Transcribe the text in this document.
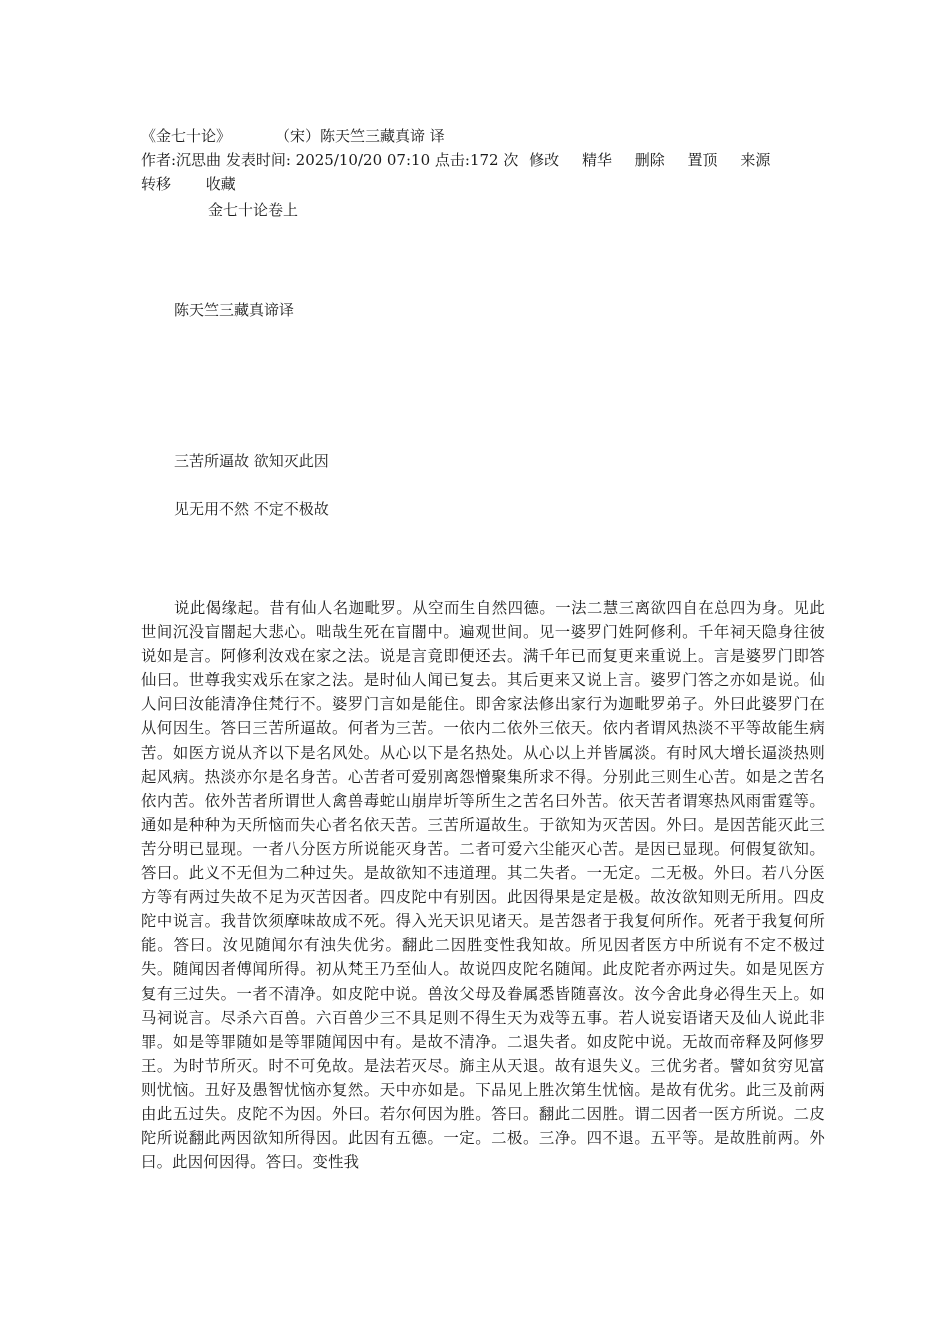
《金七十论》	（宋）陈天竺三藏真谛 译
作者:沉思曲 发表时间: 2025/10/20 07:10 点击:172 次 修改 精华 删除 置顶 来源
转移 收藏
金七十论卷上
陈天竺三藏真谛译
三苦所逼故 欲知灭此因
见无用不然 不定不极故

说此偈缘起。昔有仙人名迦毗罗。从空而生自然四德。一法二慧三离欲四自在总四为身。见此世间沉没盲闇起大悲心。咄哉生死在盲闇中。遍观世间。见一婆罗门姓阿修利。千年祠天隐身往彼说如是言。阿修利汝戏在家之法。说是言竟即便还去。满千年已而复更来重说上。言是婆罗门即答仙曰。世尊我实戏乐在家之法。是时仙人闻已复去。其后更来又说上言。婆罗门答之亦如是说。仙人问曰汝能清净住梵行不。婆罗门言如是能住。即舍家法修出家行为迦毗罗弟子。外曰此婆罗门在从何因生。答曰三苦所逼故。何者为三苦。一依内二依外三依天。依内者谓风热淡不平等故能生病苦。如医方说从齐以下是名风处。从心以下是名热处。从心以上并皆属淡。有时风大增长逼淡热则起风病。热淡亦尔是名身苦。心苦者可爱别离怨憎聚集所求不得。分别此三则生心苦。如是之苦名依内苦。依外苦者所谓世人禽兽毒蛇山崩岸圻等所生之苦名曰外苦。依天苦者谓寒热风雨雷霆等。通如是种种为天所恼而失心者名依天苦。三苦所逼故生。于欲知为灭苦因。外曰。是因苦能灭此三苦分明已显现。一者八分医方所说能灭身苦。二者可爱六尘能灭心苦。是因已显现。何假复欲知。答曰。此义不无但为二种过失。是故欲知不违道理。其二失者。一无定。二无极。外曰。若八分医方等有两过失故不足为灭苦因者。四皮陀中有别因。此因得果是定是极。故汝欲知则无所用。四皮陀中说言。我昔饮须摩味故成不死。得入光天识见诸天。是苦怨者于我复何所作。死者于我复何所能。答曰。汝见随闻尔有浊失优劣。翻此二因胜变性我知故。所见因者医方中所说有不定不极过失。随闻因者傅闻所得。初从梵王乃至仙人。故说四皮陀名随闻。此皮陀者亦两过失。如是见医方复有三过失。一者不清净。如皮陀中说。兽汝父母及眷属悉皆随喜汝。汝今舍此身必得生天上。如马祠说言。尽杀六百兽。六百兽少三不具足则不得生天为戏等五事。若人说妄语诸天及仙人说此非罪。如是等罪随如是等罪随闻因中有。是故不清净。二退失者。如皮陀中说。无故而帝释及阿修罗王。为时节所灭。时不可免故。是法若灭尽。旆主从天退。故有退失义。三优劣者。譬如贫穷见富则忧恼。丑好及愚智忧恼亦复然。天中亦如是。下品见上胜次第生忧恼。是故有优劣。此三及前两由此五过失。皮陀不为因。外曰。若尔何因为胜。答曰。翻此二因胜。谓二因者一医方所说。二皮陀所说翻此两因欲知所得因。此因有五德。一定。二极。三净。四不退。五平等。是故胜前两。外曰。此因何因得。答曰。变性我
